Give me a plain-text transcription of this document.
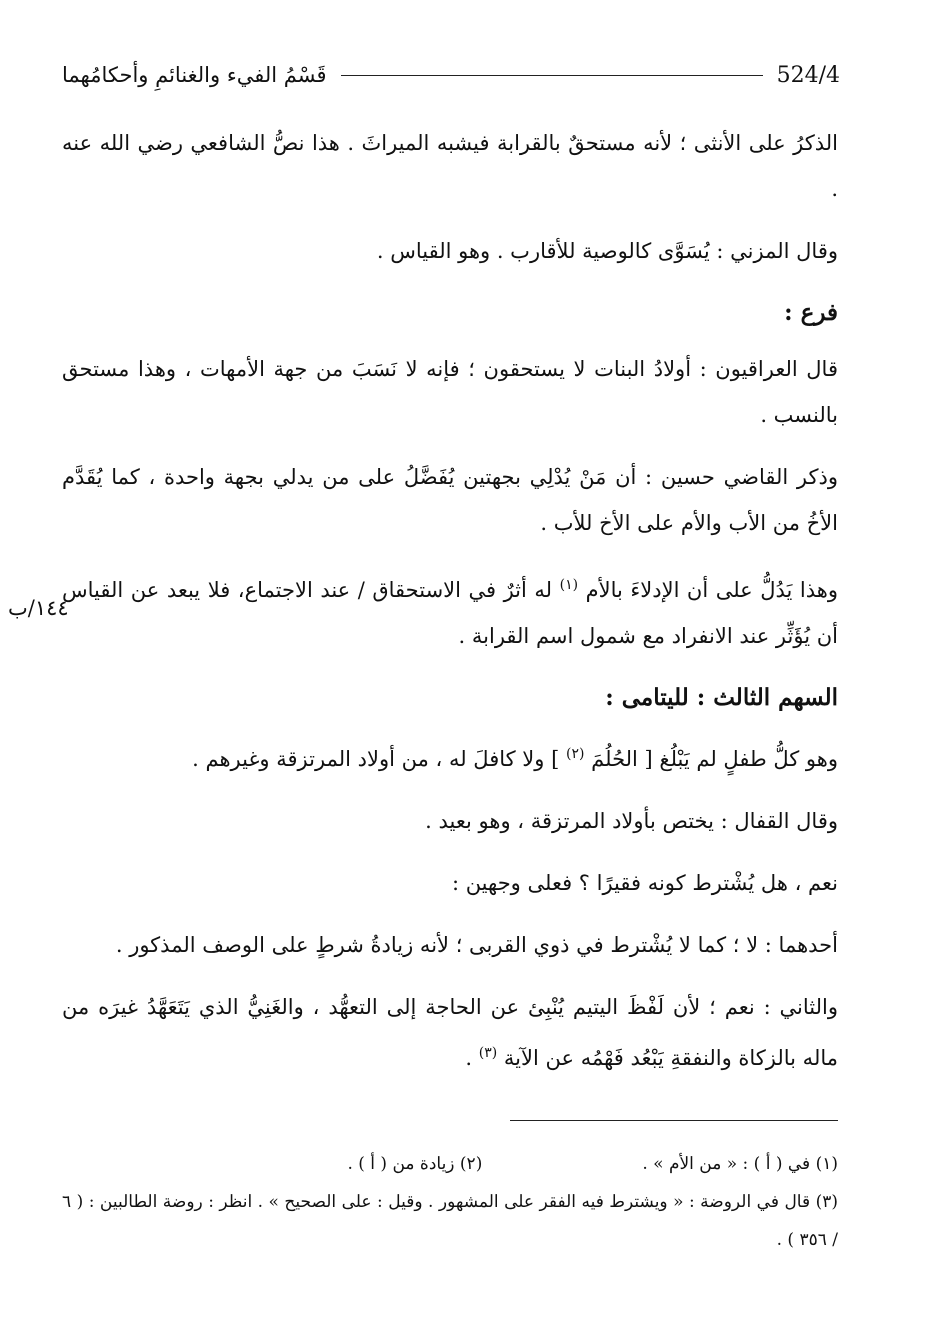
524/4
قَسْمُ الفيء والغنائمِ وأحكامُهما
١٤٤/ب

الذكرُ على الأنثى ؛ لأنه مستحقٌ بالقرابة فيشبه الميراثَ . هذا نصُّ الشافعي رضي الله عنه .

وقال المزني : يُسَوَّى كالوصية للأقارب . وهو القياس .

فرع :

قال العراقيون : أولادُ البنات لا يستحقون ؛ فإنه لا نَسَبَ من جهة الأمهات ، وهذا مستحق بالنسب .

وذكر القاضي حسين : أن مَنْ يُدْلِي بجهتين يُفَضَّلُ على من يدلي بجهة واحدة ، كما يُقَدَّم الأخُ من الأب والأم على الأخ للأب .

وهذا يَدُلُّ على أن الإدلاءَ بالأم $^{(١)}$ له أثرٌ في الاستحقاق / عند الاجتماع، فلا يبعد عن القياس أن يُؤَثِّر عند الانفراد مع شمول اسم القرابة .

السهم الثالث : لليتامى :

وهو كلُّ طفلٍ لم يَبْلُغ [ الحُلُمَ $^{(٢)}$ ] ولا كافلَ له ، من أولاد المرتزقة وغيرهم .

وقال القفال : يختص بأولاد المرتزقة ، وهو بعيد .

نعم ، هل يُشْترط كونه فقيرًا ؟ فعلى وجهين :

أحدهما : لا ؛ كما لا يُشْترط في ذوي القربى ؛ لأنه زيادةُ شرطٍ على الوصف المذكور .

والثاني : نعم ؛ لأن لَفْظَ اليتيم يُنْبِئ عن الحاجة إلى التعهُّد ، والغَنِيُّ الذي يَتَعَهَّدُ غيرَه من ماله بالزكاة والنفقةِ يَبْعُد فَهْمُه عن الآية $^{(٣)}$ .

(١) في ( أ ) : « من الأم » .

(٢) زيادة من ( أ ) .

(٣) قال في الروضة : « ويشترط فيه الفقر على المشهور . وقيل : على الصحيح » . انظر : روضة الطالبين : ( ٦ / ٣٥٦ ) .
